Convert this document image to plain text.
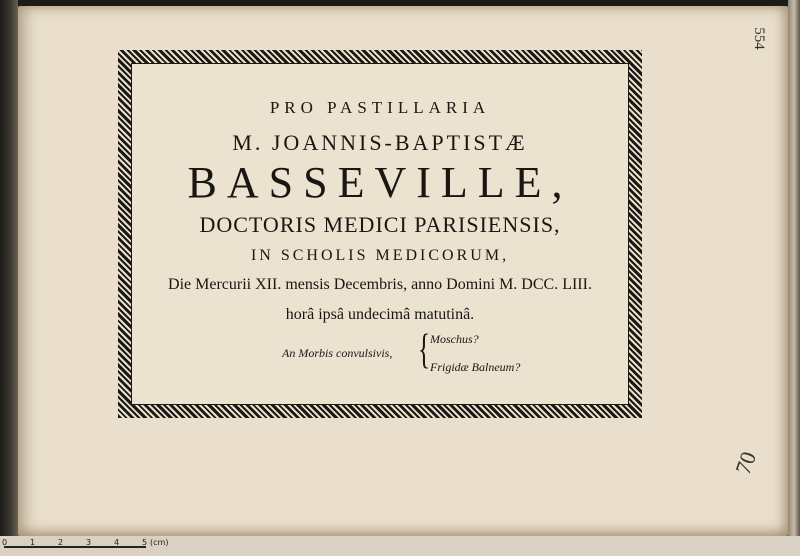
PRO PASTILLARIA
M. JOANNIS-BAPTISTÆ
BASSEVILLE,
DOCTORIS MEDICI PARISIENSIS,
IN SCHOLIS MEDICORUM,
Die Mercurii XII. mensis Decembris, anno Domini M. DCC. LIII.
horâ ipsâ undecimâ matutinâ.
An Morbis convulsivis, { Moschus?
Frigidæ Balneum?
554
70
0	1	2	3	4	5 (cm)
